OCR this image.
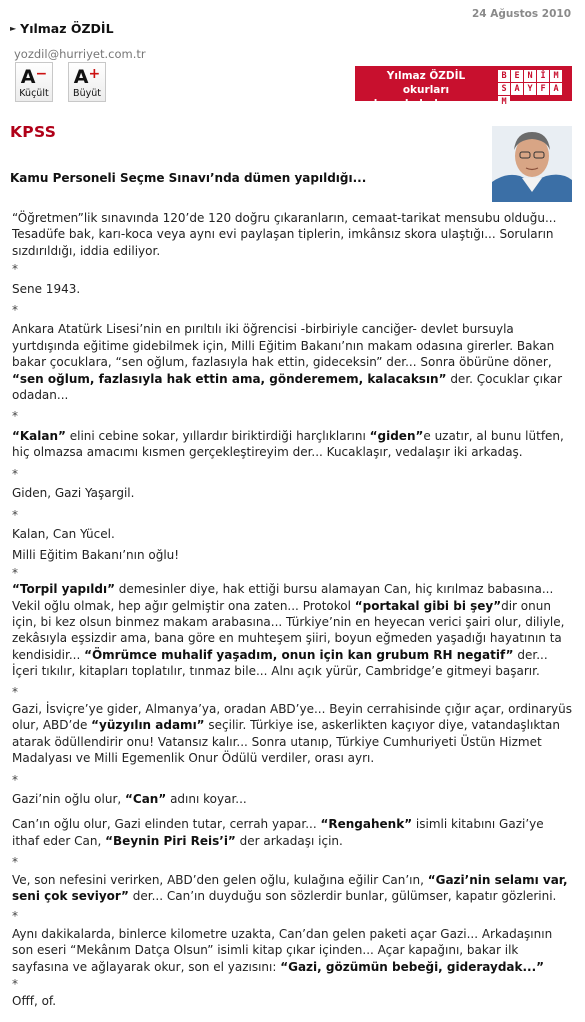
24 Ağustos 2010
► Yılmaz ÖZDİL
yozdil@hurriyet.com.tr
A−
Küçült
A+
Büyüt
Yılmaz ÖZDİL okurları
burada buluşuyor
B E N İ M
S A Y F A
M
KPSS
Kamu Personeli Seçme Sınavı’nda dümen yapıldığı...

“Öğretmen”lik sınavında 120’de 120 doğru çıkaranların, cemaat-tarikat mensubu olduğu... Tesadüfe bak, karı-koca veya aynı evi paylaşan tiplerin, imkânsız skora ulaştığı... Soruların sızdırıldığı, iddia ediliyor.

*

Sene 1943.

*

Ankara Atatürk Lisesi’nin en pırıltılı iki öğrencisi -birbiriyle canciğer- devlet bursuyla yurtdışında eğitime gidebilmek için, Milli Eğitim Bakanı’nın makam odasına girerler. Bakan bakar çocuklara, “sen oğlum, fazlasıyla hak ettin, gideceksin” der... Sonra öbürüne döner, “sen oğlum, fazlasıyla hak ettin ama, gönderemem, kalacaksın” der. Çocuklar çıkar odadan...

*

“Kalan” elini cebine sokar, yıllardır biriktirdiği harçlıklarını “giden”e uzatır, al bunu lütfen, hiç olmazsa amacımı kısmen gerçekleştireyim der... Kucaklaşır, vedalaşır iki arkadaş.

*

Giden, Gazi Yaşargil.

*

Kalan, Can Yücel.

Milli Eğitim Bakanı’nın oğlu!

*

“Torpil yapıldı” demesinler diye, hak ettiği bursu alamayan Can, hiç kırılmaz babasına... Vekil oğlu olmak, hep ağır gelmiştir ona zaten... Protokol “portakal gibi bi şey”dir onun için, bi kez olsun binmez makam arabasına... Türkiye’nin en heyecan verici şairi olur, diliyle, zekâsıyla eşsizdir ama, bana göre en muhteşem şiiri, boyun eğmeden yaşadığı hayatının ta kendisidir... “Ömrümce muhalif yaşadım, onun için kan grubum RH negatif” der... İçeri tıkılır, kitapları toplatılır, tınmaz bile... Alnı açık yürür, Cambridge’e gitmeyi başarır.

*

Gazi, İsviçre’ye gider, Almanya’ya, oradan ABD’ye... Beyin cerrahisinde çığır açar, ordinaryüs olur, ABD’de “yüzyılın adamı” seçilir. Türkiye ise, askerlikten kaçıyor diye, vatandaşlıktan atarak ödüllendirir onu! Vatansız kalır... Sonra utanıp, Türkiye Cumhuriyeti Üstün Hizmet Madalyası ve Milli Egemenlik Onur Ödülü verdiler, orası ayrı.

*

Gazi’nin oğlu olur, “Can” adını koyar...

Can’ın oğlu olur, Gazi elinden tutar, cerrah yapar... “Rengahenk” isimli kitabını Gazi’ye ithaf eder Can, “Beynin Piri Reis’i” der arkadaşı için.

*

Ve, son nefesini verirken, ABD’den gelen oğlu, kulağına eğilir Can’ın, “Gazi’nin selamı var, seni çok seviyor” der... Can’ın duyduğu son sözlerdir bunlar, gülümser, kapatır gözlerini.

*

Aynı dakikalarda, binlerce kilometre uzakta, Can’dan gelen paketi açar Gazi... Arkadaşının son eseri “Mekânım Datça Olsun” isimli kitap çıkar içinden... Açar kapağını, bakar ilk sayfasına ve ağlayarak okur, son el yazısını: “Gazi, gözümün bebeği, gideraydak...”

*

Offf, of.
